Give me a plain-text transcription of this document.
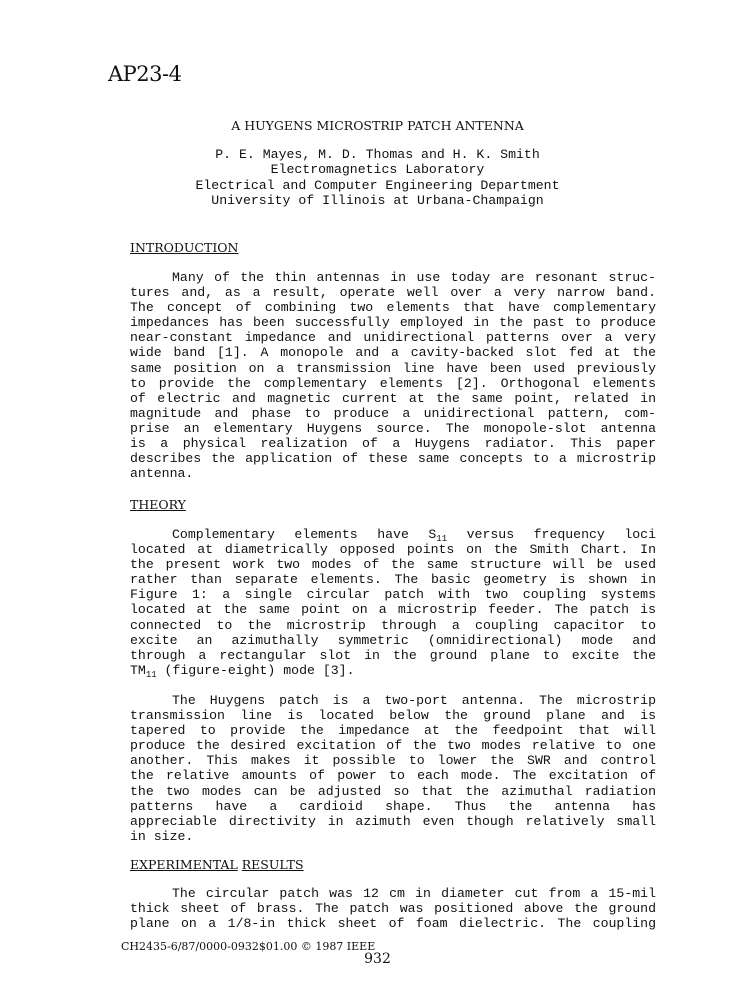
AP23-4
A HUYGENS MICROSTRIP PATCH ANTENNA
P. E. Mayes, M. D. Thomas and H. K. Smith
Electromagnetics Laboratory
Electrical and Computer Engineering Department
University of Illinois at Urbana-Champaign
INTRODUCTION
Many of the thin antennas in use today are resonant struc-
tures and, as a result, operate well over a very narrow band.
The concept of combining two elements that have complementary
impedances has been successfully employed in the past to produce
near-constant impedance and unidirectional patterns over a very
wide band [1]. A monopole and a cavity-backed slot fed at the
same position on a transmission line have been used previously
to provide the complementary elements [2]. Orthogonal elements
of electric and magnetic current at the same point, related in
magnitude and phase to produce a unidirectional pattern, com-
prise an elementary Huygens source. The monopole-slot antenna
is a physical realization of a Huygens radiator. This paper
describes the application of these same concepts to a microstrip
antenna.
THEORY
Complementary elements have $S_{11}$ versus frequency loci
located at diametrically opposed points on the Smith Chart. In
the present work two modes of the same structure will be used
rather than separate elements. The basic geometry is shown in
Figure 1: a single circular patch with two coupling systems
located at the same point on a microstrip feeder. The patch is
connected to the microstrip through a coupling capacitor to
excite an azimuthally symmetric (omnidirectional) mode and
through a rectangular slot in the ground plane to excite the
$TM_{11}$ (figure-eight) mode [3].
The Huygens patch is a two-port antenna. The microstrip
transmission line is located below the ground plane and is
tapered to provide the impedance at the feedpoint that will
produce the desired excitation of the two modes relative to one
another. This makes it possible to lower the SWR and control
the relative amounts of power to each mode. The excitation of
the two modes can be adjusted so that the azimuthal radiation
patterns have a cardioid shape. Thus the antenna has
appreciable directivity in azimuth even though relatively small
in size.
EXPERIMENTAL RESULTS
The circular patch was 12 cm in diameter cut from a 15-mil
thick sheet of brass. The patch was positioned above the ground
plane on a 1/8-in thick sheet of foam dielectric. The coupling
CH2435-6/87/0000-0932$01.00 © 1987 IEEE
932
